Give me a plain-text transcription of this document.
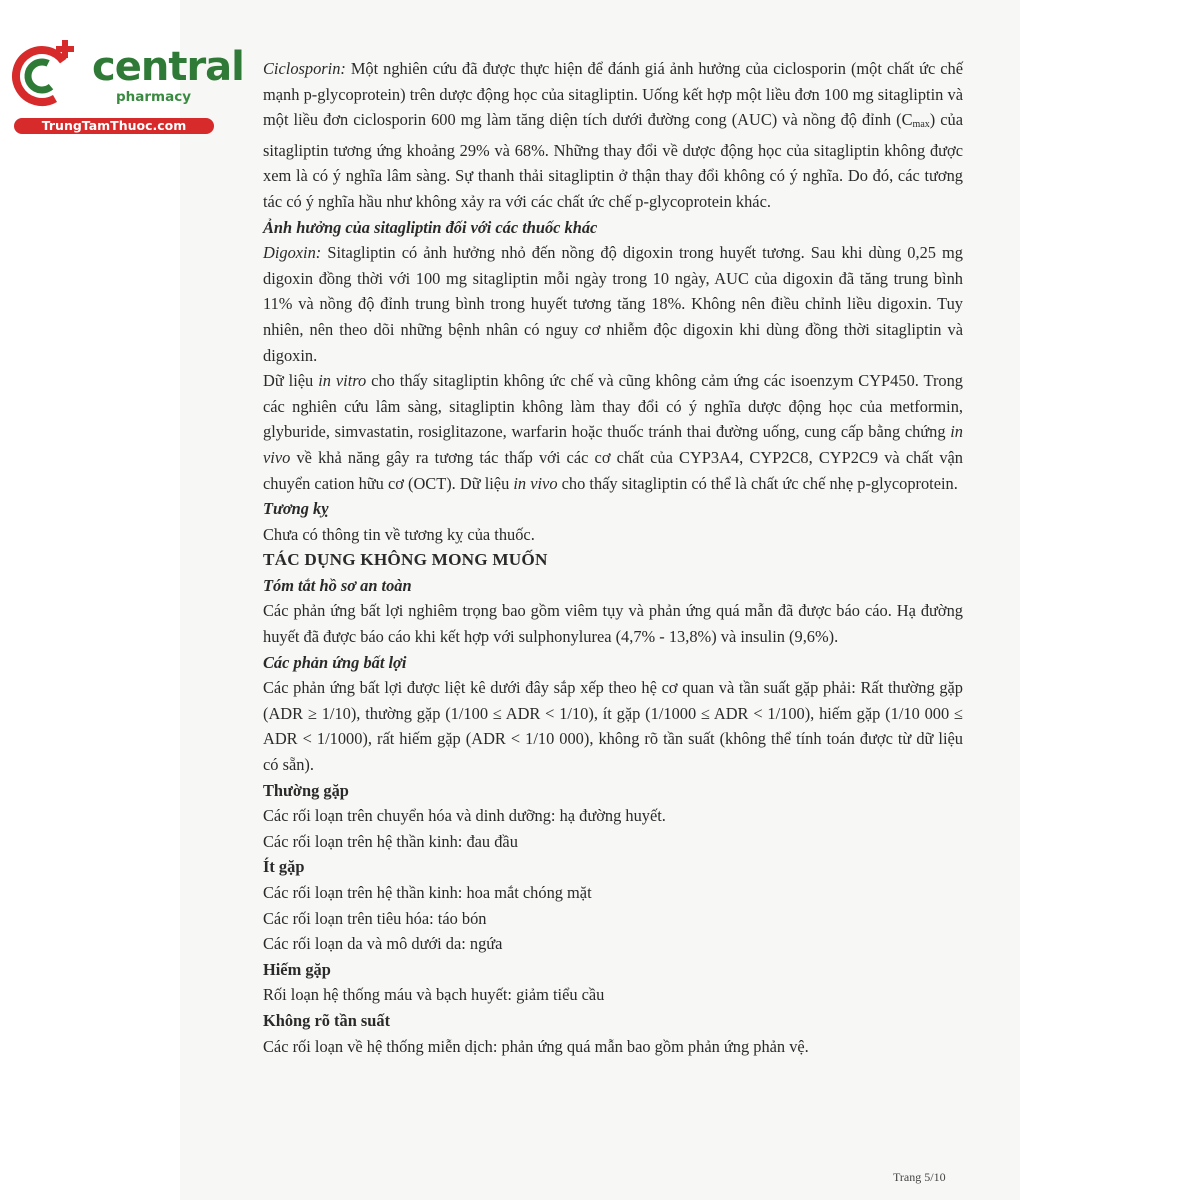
central
pharmacy
TrungTamThuoc.com

Ciclosporin: Một nghiên cứu đã được thực hiện để đánh giá ảnh hưởng của ciclosporin (một chất ức chế mạnh p-glycoprotein) trên dược động học của sitagliptin. Uống kết hợp một liều đơn 100 mg sitagliptin và một liều đơn ciclosporin 600 mg làm tăng diện tích dưới đường cong (AUC) và nồng độ đỉnh $(C_{max})$ của sitagliptin tương ứng khoảng 29% và 68%. Những thay đổi về dược động học của sitagliptin không được xem là có ý nghĩa lâm sàng. Sự thanh thải sitagliptin ở thận thay đổi không có ý nghĩa. Do đó, các tương tác có ý nghĩa hầu như không xảy ra với các chất ức chế p-glycoprotein khác.

Ảnh hưởng của sitagliptin đối với các thuốc khác

Digoxin: Sitagliptin có ảnh hưởng nhỏ đến nồng độ digoxin trong huyết tương. Sau khi dùng 0,25 mg digoxin đồng thời với 100 mg sitagliptin mỗi ngày trong 10 ngày, AUC của digoxin đã tăng trung bình 11% và nồng độ đỉnh trung bình trong huyết tương tăng 18%. Không nên điều chỉnh liều digoxin. Tuy nhiên, nên theo dõi những bệnh nhân có nguy cơ nhiễm độc digoxin khi dùng đồng thời sitagliptin và digoxin.

Dữ liệu in vitro cho thấy sitagliptin không ức chế và cũng không cảm ứng các isoenzym CYP450. Trong các nghiên cứu lâm sàng, sitagliptin không làm thay đổi có ý nghĩa dược động học của metformin, glyburide, simvastatin, rosiglitazone, warfarin hoặc thuốc tránh thai đường uống, cung cấp bằng chứng in vivo về khả năng gây ra tương tác thấp với các cơ chất của CYP3A4, CYP2C8, CYP2C9 và chất vận chuyển cation hữu cơ (OCT). Dữ liệu in vivo cho thấy sitagliptin có thể là chất ức chế nhẹ p-glycoprotein.

Tương kỵ

Chưa có thông tin về tương kỵ của thuốc.

TÁC DỤNG KHÔNG MONG MUỐN

Tóm tắt hồ sơ an toàn

Các phản ứng bất lợi nghiêm trọng bao gồm viêm tụy và phản ứng quá mẫn đã được báo cáo. Hạ đường huyết đã được báo cáo khi kết hợp với sulphonylurea (4,7% - 13,8%) và insulin (9,6%).

Các phản ứng bất lợi

Các phản ứng bất lợi được liệt kê dưới đây sắp xếp theo hệ cơ quan và tần suất gặp phải: Rất thường gặp (ADR ≥ 1/10), thường gặp (1/100 ≤ ADR < 1/10), ít gặp (1/1000 ≤ ADR < 1/100), hiếm gặp (1/10 000 ≤ ADR < 1/1000), rất hiếm gặp (ADR < 1/10 000), không rõ tần suất (không thể tính toán được từ dữ liệu có sẵn).

Thường gặp

Các rối loạn trên chuyển hóa và dinh dưỡng: hạ đường huyết.

Các rối loạn trên hệ thần kinh: đau đầu

Ít gặp

Các rối loạn trên hệ thần kinh: hoa mắt chóng mặt

Các rối loạn trên tiêu hóa: táo bón

Các rối loạn da và mô dưới da: ngứa

Hiếm gặp

Rối loạn hệ thống máu và bạch huyết: giảm tiểu cầu

Không rõ tần suất

Các rối loạn về hệ thống miễn dịch: phản ứng quá mẫn bao gồm phản ứng phản vệ.

Trang 5/10
